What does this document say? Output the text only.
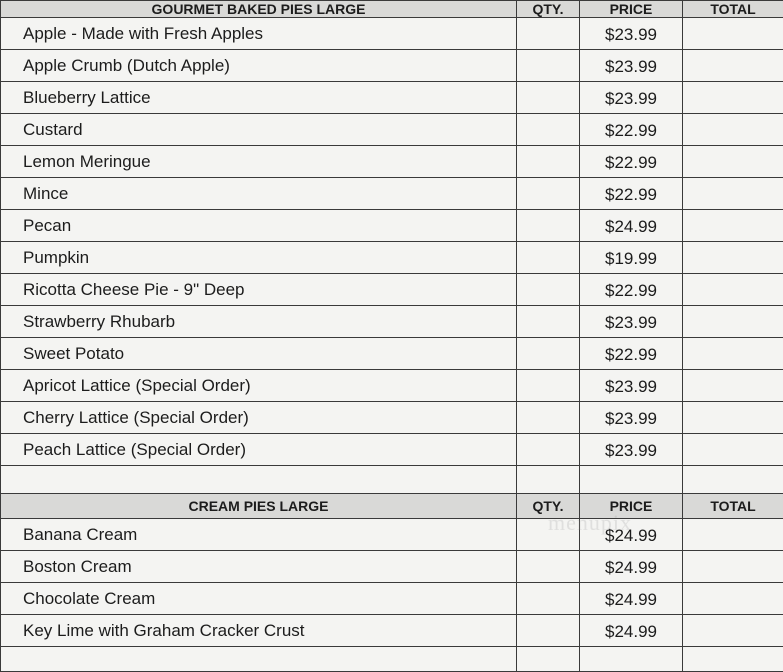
GOURMET BAKED PIES LARGE	QTY.	PRICE	TOTAL
Apple - Made with Fresh Apples		$23.99	
Apple Crumb (Dutch Apple)		$23.99	
Blueberry Lattice		$23.99	
Custard		$22.99	
Lemon Meringue		$22.99	
Mince		$22.99	
Pecan		$24.99	
Pumpkin		$19.99	
Ricotta Cheese Pie - 9" Deep		$22.99	
Strawberry Rhubarb		$23.99	
Sweet Potato		$22.99	
Apricot Lattice (Special Order)		$23.99	
Cherry Lattice (Special Order)		$23.99	
Peach Lattice (Special Order)		$23.99	

CREAM PIES LARGE	QTY.	PRICE	TOTAL
Banana Cream		$24.99	
Boston Cream		$24.99	
Chocolate Cream		$24.99	
Key Lime with Graham Cracker Crust		$24.99	

menupix
